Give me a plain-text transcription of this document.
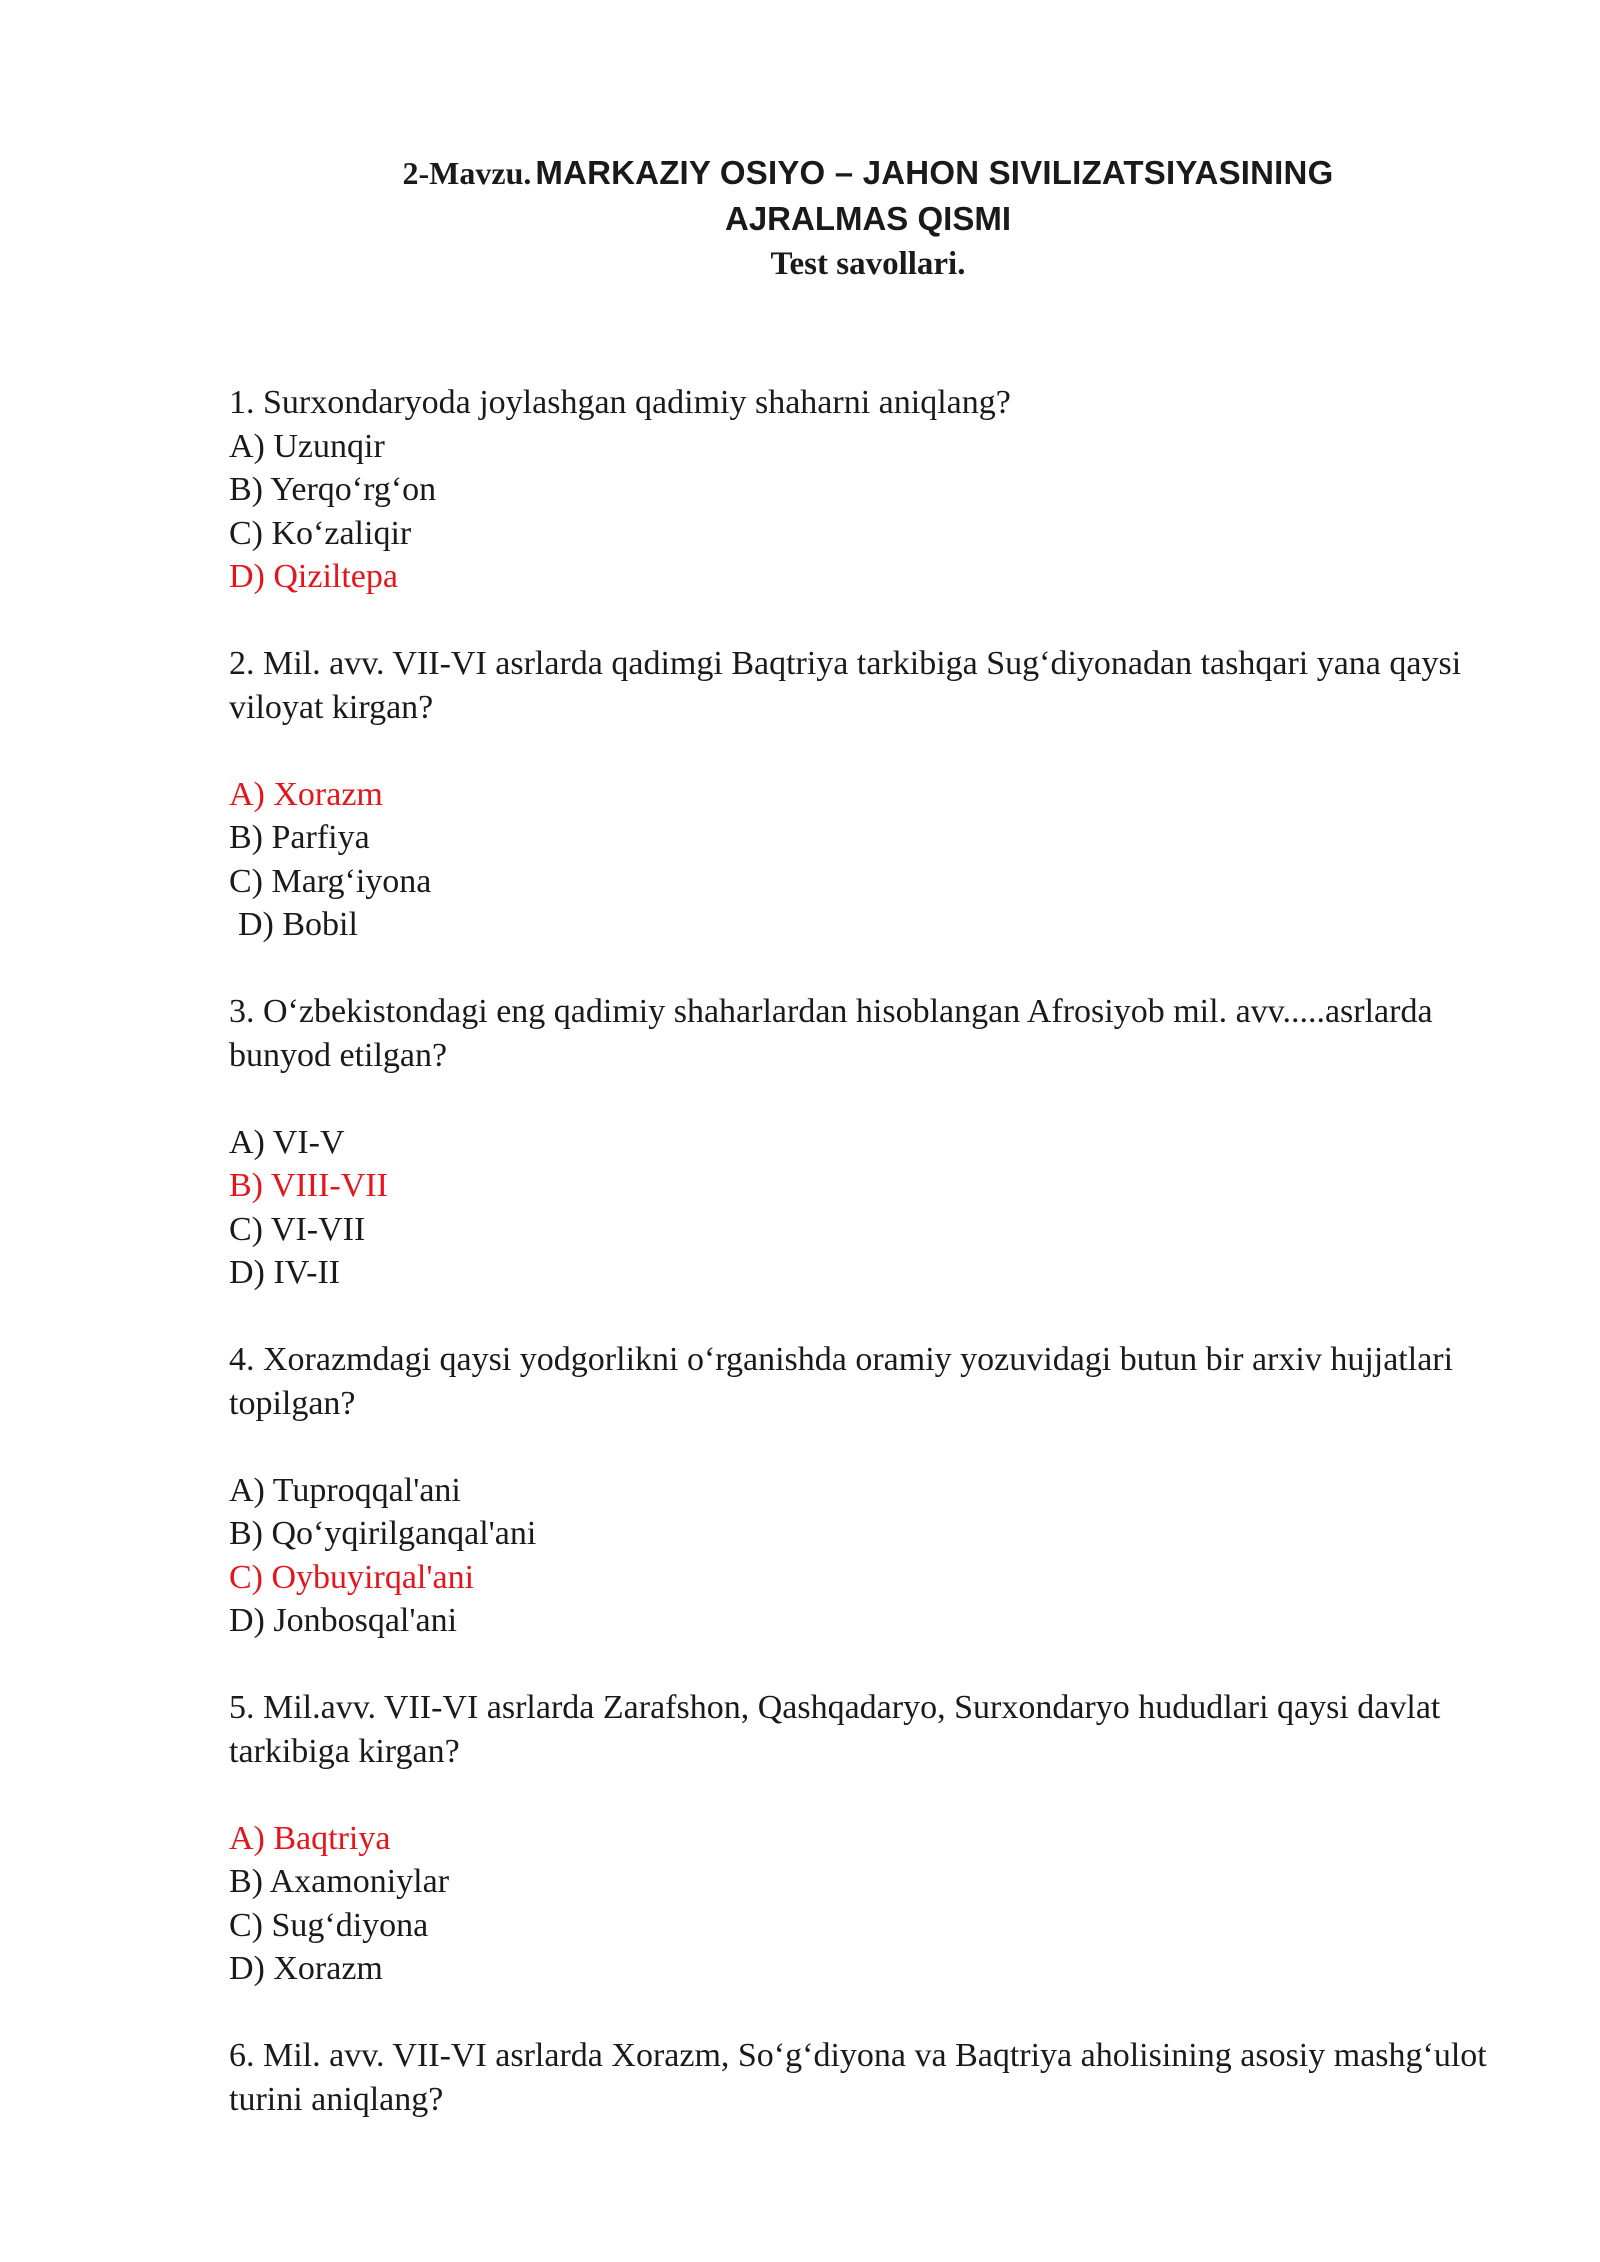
2-Mavzu. MARKAZIY OSIYO – JAHON SIVILIZATSIYASINING
AJRALMAS QISMI
Test savollari.

1. Surxondaryoda joylashgan qadimiy shaharni aniqlang?

A) Uzunqir

B) Yerqo‘rg‘on

C) Ko‘zaliqir

D) Qiziltepa

2. Mil. avv. VII-VI asrlarda qadimgi Baqtriya tarkibiga Sug‘diyonadan tashqari yana qaysi viloyat kirgan?

A) Xorazm

B) Parfiya

C) Marg‘iyona

D) Bobil

3. O‘zbekistondagi eng qadimiy shaharlardan hisoblangan Afrosiyob mil. avv.....asrlarda bunyod etilgan?

A) VI-V

B) VIII-VII

C) VI-VII

D) IV-II

4. Xorazmdagi qaysi yodgorlikni o‘rganishda oramiy yozuvidagi butun bir arxiv hujjatlari topilgan?

A) Tuproqqal'ani

B) Qo‘yqirilganqal'ani

C) Oybuyirqal'ani

D) Jonbosqal'ani

5. Mil.avv. VII-VI asrlarda Zarafshon, Qashqadaryo, Surxondaryo hududlari qaysi davlat tarkibiga kirgan?

A) Baqtriya

B) Axamoniylar

C) Sug‘diyona

D) Xorazm

6. Mil. avv. VII-VI asrlarda Xorazm, So‘g‘diyona va Baqtriya aholisining asosiy mashg‘ulot turini aniqlang?
